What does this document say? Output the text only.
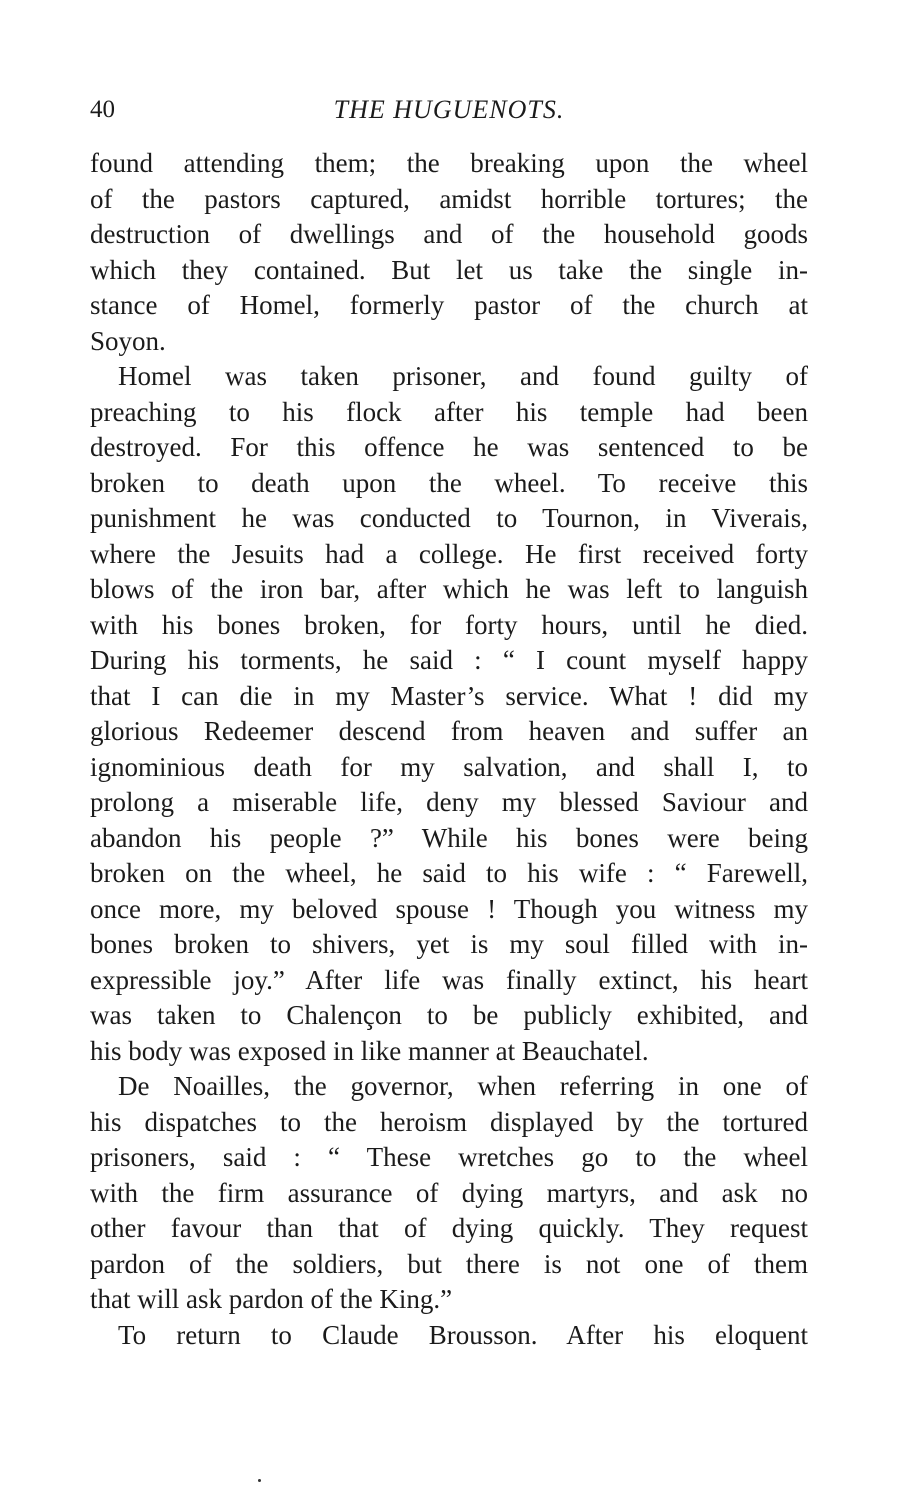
40	THE HUGUENOTS.
found attending them; the breaking upon the wheel
of the pastors captured, amidst horrible tortures; the
destruction of dwellings and of the household goods
which they contained. But let us take the single in-
stance of Homel, formerly pastor of the church at
Soyon.
Homel was taken prisoner, and found guilty of
preaching to his flock after his temple had been
destroyed. For this offence he was sentenced to be
broken to death upon the wheel. To receive this
punishment he was conducted to Tournon, in Viverais,
where the Jesuits had a college. He first received forty
blows of the iron bar, after which he was left to languish
with his bones broken, for forty hours, until he died.
During his torments, he said : “ I count myself happy
that I can die in my Master’s service. What ! did my
glorious Redeemer descend from heaven and suffer an
ignominious death for my salvation, and shall I, to
prolong a miserable life, deny my blessed Saviour and
abandon his people ?” While his bones were being
broken on the wheel, he said to his wife : “ Farewell,
once more, my beloved spouse ! Though you witness my
bones broken to shivers, yet is my soul filled with in-
expressible joy.” After life was finally extinct, his heart
was taken to Chalençon to be publicly exhibited, and
his body was exposed in like manner at Beauchatel.
De Noailles, the governor, when referring in one of
his dispatches to the heroism displayed by the tortured
prisoners, said : “ These wretches go to the wheel
with the firm assurance of dying martyrs, and ask no
other favour than that of dying quickly. They request
pardon of the soldiers, but there is not one of them
that will ask pardon of the King.”
To return to Claude Brousson. After his eloquent
